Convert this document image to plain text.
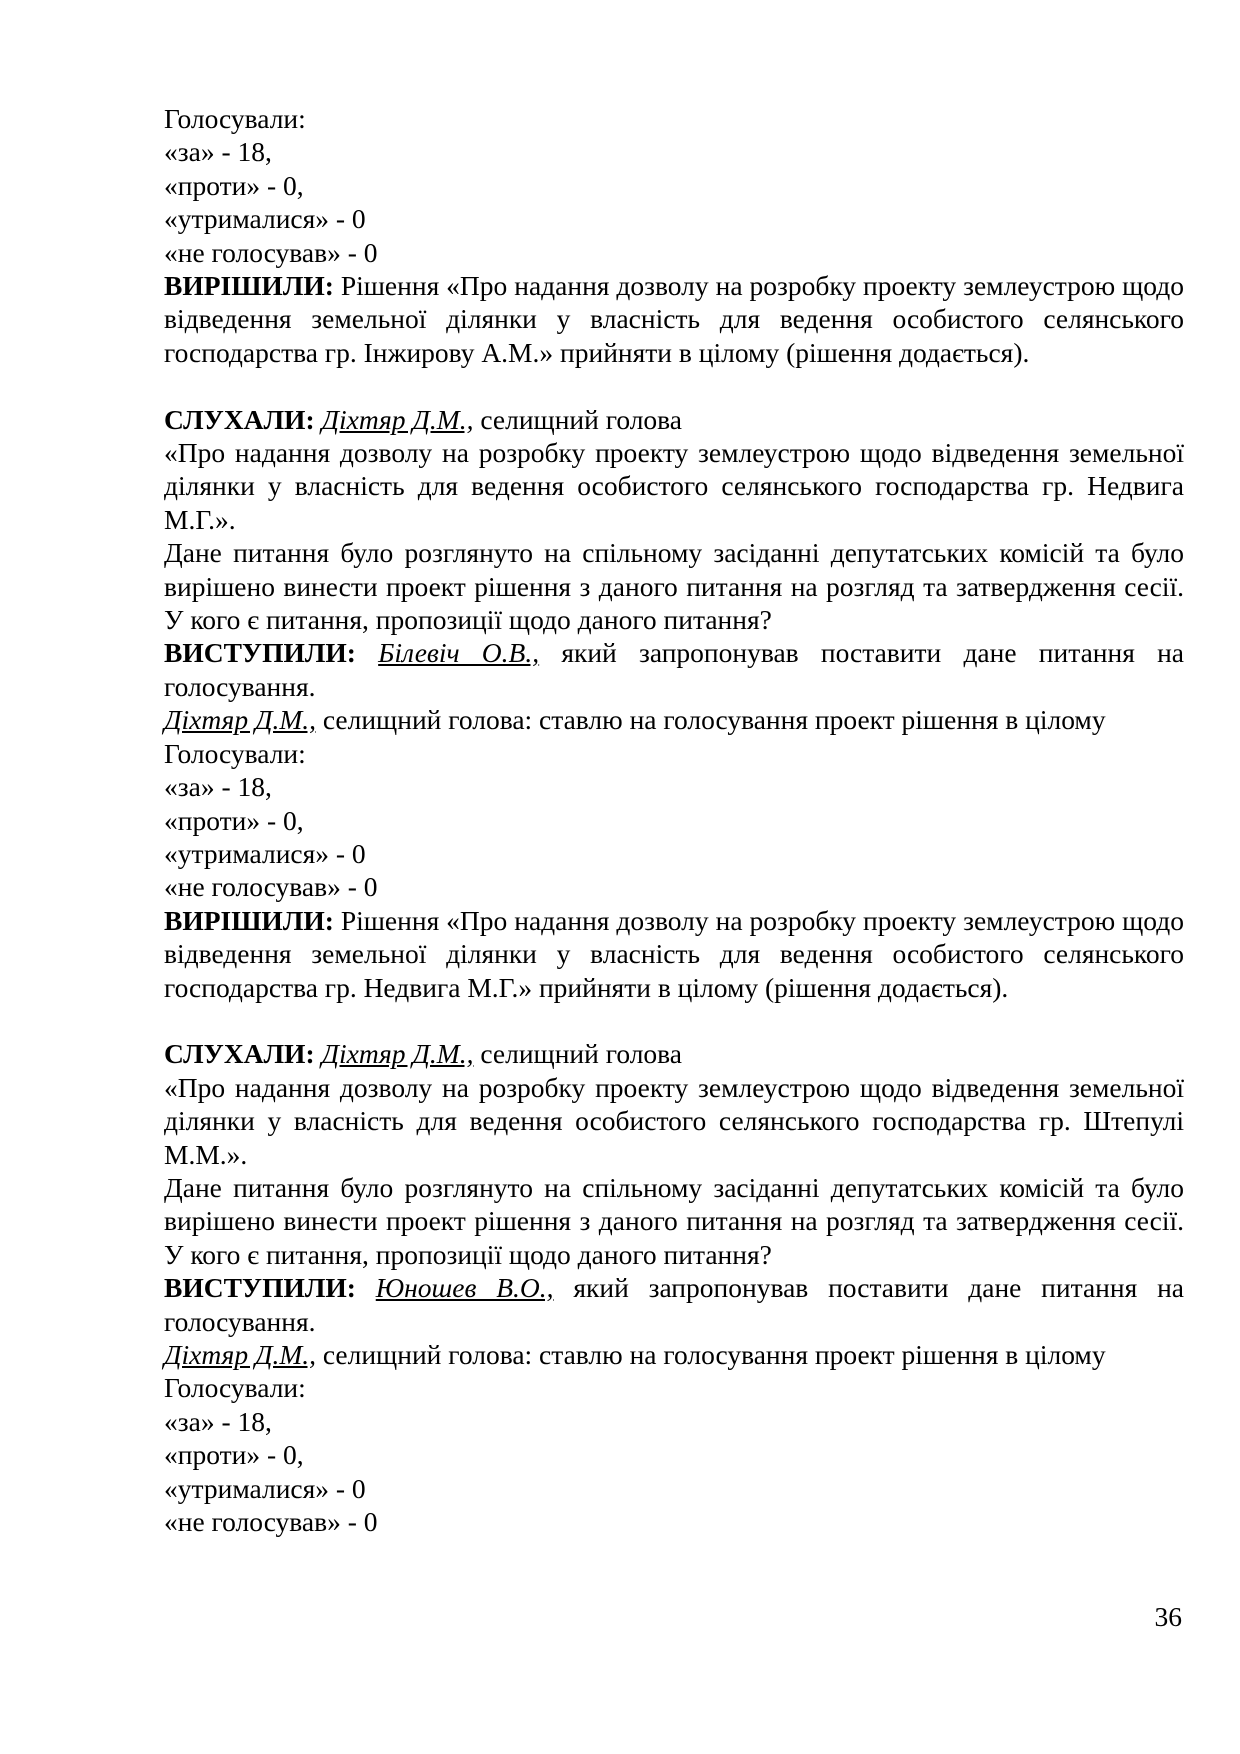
Голосували:
«за» - 18,
«проти» - 0,
«утрималися» - 0
«не голосував» - 0
ВИРІШИЛИ: Рішення «Про надання дозволу на розробку проекту землеустрою щодо відведення земельної ділянки у власність для ведення особистого селянського господарства гр. Інжирову А.М.» прийняти в цілому (рішення додається).
СЛУХАЛИ: Діхтяр Д.М., селищний голова
«Про надання дозволу на розробку проекту землеустрою щодо відведення земельної ділянки у власність для ведення особистого селянського господарства гр. Недвига М.Г.».
Дане питання було розглянуто на спільному засіданні депутатських комісій та було вирішено винести проект рішення з даного питання на розгляд та затвердження сесії. У кого є питання, пропозиції щодо даного питання?
ВИСТУПИЛИ: Білевіч О.В., який запропонував поставити дане питання на голосування.
Діхтяр Д.М., селищний голова: ставлю на голосування проект рішення в цілому
Голосували:
«за» - 18,
«проти» - 0,
«утрималися» - 0
«не голосував» - 0
ВИРІШИЛИ: Рішення «Про надання дозволу на розробку проекту землеустрою щодо відведення земельної ділянки у власність для ведення особистого селянського господарства гр. Недвига М.Г.» прийняти в цілому (рішення додається).
СЛУХАЛИ: Діхтяр Д.М., селищний голова
«Про надання дозволу на розробку проекту землеустрою щодо відведення земельної ділянки у власність для ведення особистого селянського господарства гр. Штепулі М.М.».
Дане питання було розглянуто на спільному засіданні депутатських комісій та було вирішено винести проект рішення з даного питання на розгляд та затвердження сесії. У кого є питання, пропозиції щодо даного питання?
ВИСТУПИЛИ: Юношев В.О., який запропонував поставити дане питання на голосування.
Діхтяр Д.М., селищний голова: ставлю на голосування проект рішення в цілому
Голосували:
«за» - 18,
«проти» - 0,
«утрималися» - 0
«не голосував» - 0
36
